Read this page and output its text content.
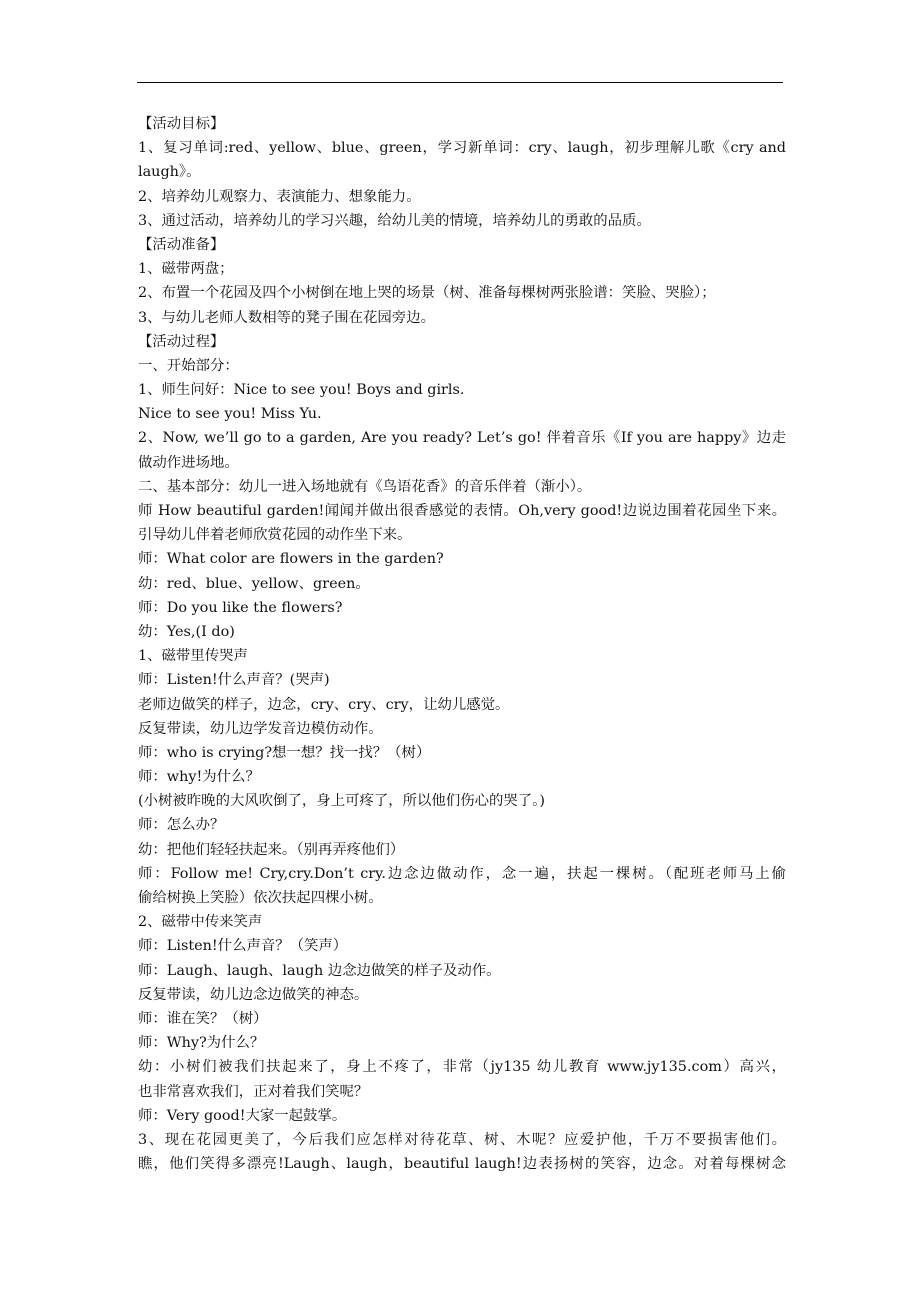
【活动目标】
1、复习单词:red、yellow、blue、green，学习新单词：cry、laugh，初步理解儿歌《cry and
laugh》。
2、培养幼儿观察力、表演能力、想象能力。
3、通过活动，培养幼儿的学习兴趣，给幼儿美的情境，培养幼儿的勇敢的品质。
【活动准备】
1、磁带两盘；
2、布置一个花园及四个小树倒在地上哭的场景（树、准备每棵树两张脸谱：笑脸、哭脸）；
3、与幼儿老师人数相等的凳子围在花园旁边。
【活动过程】
一、开始部分：
1、师生问好：Nice to see you! Boys and girls.
Nice to see you! Miss Yu.
2、Now, we’ll go to a garden, Are you ready? Let’s go! 伴着音乐《If you are happy》边走
做动作进场地。
二、基本部分：幼儿一进入场地就有《鸟语花香》的音乐伴着（渐小）。
师 How beautiful garden!闻闻并做出很香感觉的表情。Oh,very good!边说边围着花园坐下来。
引导幼儿伴着老师欣赏花园的动作坐下来。
师：What color are flowers in the garden?
幼：red、blue、yellow、green。
师：Do you like the flowers?
幼：Yes,(I do)
1、磁带里传哭声
师：Listen!什么声音？(哭声)
老师边做笑的样子，边念，cry、cry、cry，让幼儿感觉。
反复带读，幼儿边学发音边模仿动作。
师：who is crying?想一想？找一找？（树）
师：why!为什么？
(小树被昨晚的大风吹倒了，身上可疼了，所以他们伤心的哭了。)
师：怎么办？
幼：把他们轻轻扶起来。（别再弄疼他们）
师：Follow me! Cry,cry.Don’t cry.边念边做动作，念一遍，扶起一棵树。（配班老师马上偷
偷给树换上笑脸）依次扶起四棵小树。
2、磁带中传来笑声
师：Listen!什么声音？（笑声）
师：Laugh、laugh、laugh 边念边做笑的样子及动作。
反复带读，幼儿边念边做笑的神态。
师：谁在笑？（树）
师：Why?为什么？
幼：小树们被我们扶起来了，身上不疼了，非常（jy135 幼儿教育 www.jy135.com）高兴，
也非常喜欢我们，正对着我们笑呢？
师：Very good!大家一起鼓掌。
3、现在花园更美了，今后我们应怎样对待花草、树、木呢？应爱护他，千万不要损害他们。
瞧，他们笑得多漂亮!Laugh、laugh，beautiful laugh!边表扬树的笑容，边念。对着每棵树念
